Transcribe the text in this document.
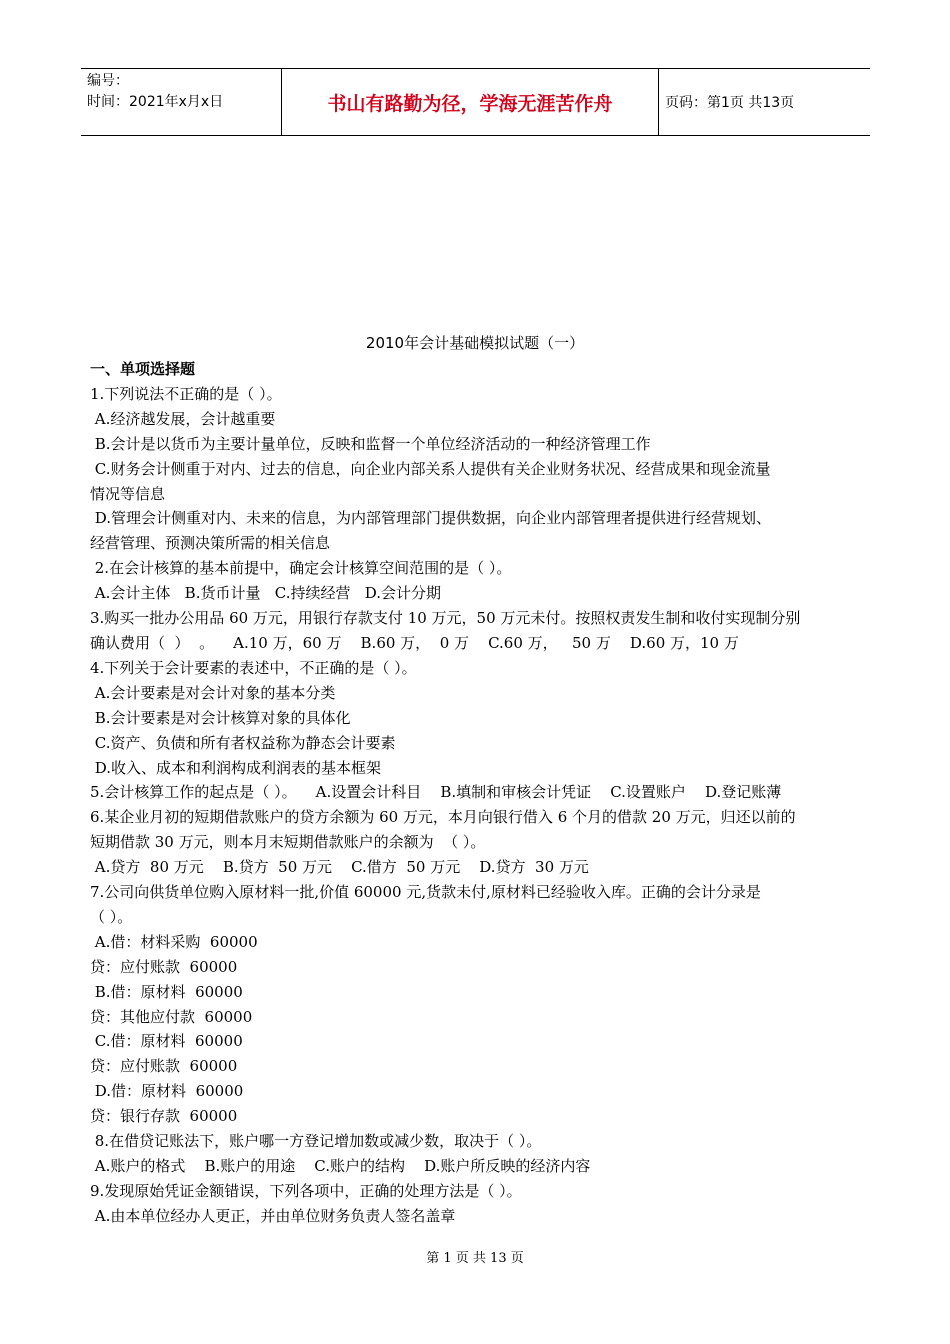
编号：
时间：2021年x月x日	书山有路勤为径，学海无涯苦作舟	页码：第1页 共13页
2010年会计基础模拟试题（一）
一、单项选择题
1.下列说法不正确的是（ ）。
A.经济越发展，会计越重要
B.会计是以货币为主要计量单位，反映和监督一个单位经济活动的一种经济管理工作
C.财务会计侧重于对内、过去的信息，向企业内部关系人提供有关企业财务状况、经营成果和现金流量
情况等信息
D.管理会计侧重对内、未来的信息，为内部管理部门提供数据，向企业内部管理者提供进行经营规划、
经营管理、预测决策所需的相关信息
2.在会计核算的基本前提中，确定会计核算空间范围的是（ ）。
A.会计主体   B.货币计量   C.持续经营   D.会计分期
3.购买一批办公用品 60 万元，用银行存款支付 10 万元，50 万元未付。按照权责发生制和收付实现制分别
确认费用（  ）  。    A.10 万，60 万    B.60 万，  0 万    C.60 万，   50 万    D.60 万，10 万
4.下列关于会计要素的表述中，不正确的是（ ）。
A.会计要素是对会计对象的基本分类
B.会计要素是对会计核算对象的具体化
C.资产、负债和所有者权益称为静态会计要素
D.收入、成本和利润构成利润表的基本框架
5.会计核算工作的起点是（ ）。    A.设置会计科目    B.填制和审核会计凭证    C.设置账户    D.登记账薄
6.某企业月初的短期借款账户的贷方余额为 60 万元，本月向银行借入 6 个月的借款 20 万元，归还以前的
短期借款 30 万元，则本月末短期借款账户的余额为  （ ）。
A.贷方  80 万元    B.贷方  50 万元    C.借方  50 万元    D.贷方  30 万元
7.公司向供货单位购入原材料一批,价值 60000 元,货款未付,原材料已经验收入库。正确的会计分录是
（ ）。
A.借：材料采购  60000
贷：应付账款  60000
B.借：原材料  60000
贷：其他应付款  60000
C.借：原材料  60000
贷：应付账款  60000
D.借：原材料  60000
贷：银行存款  60000
8.在借贷记账法下，账户哪一方登记增加数或减少数，取决于（ ）。
A.账户的格式    B.账户的用途    C.账户的结构    D.账户所反映的经济内容
9.发现原始凭证金额错误，下列各项中，正确的处理方法是（ ）。
A.由本单位经办人更正，并由单位财务负责人签名盖章
第 1 页 共 13 页
